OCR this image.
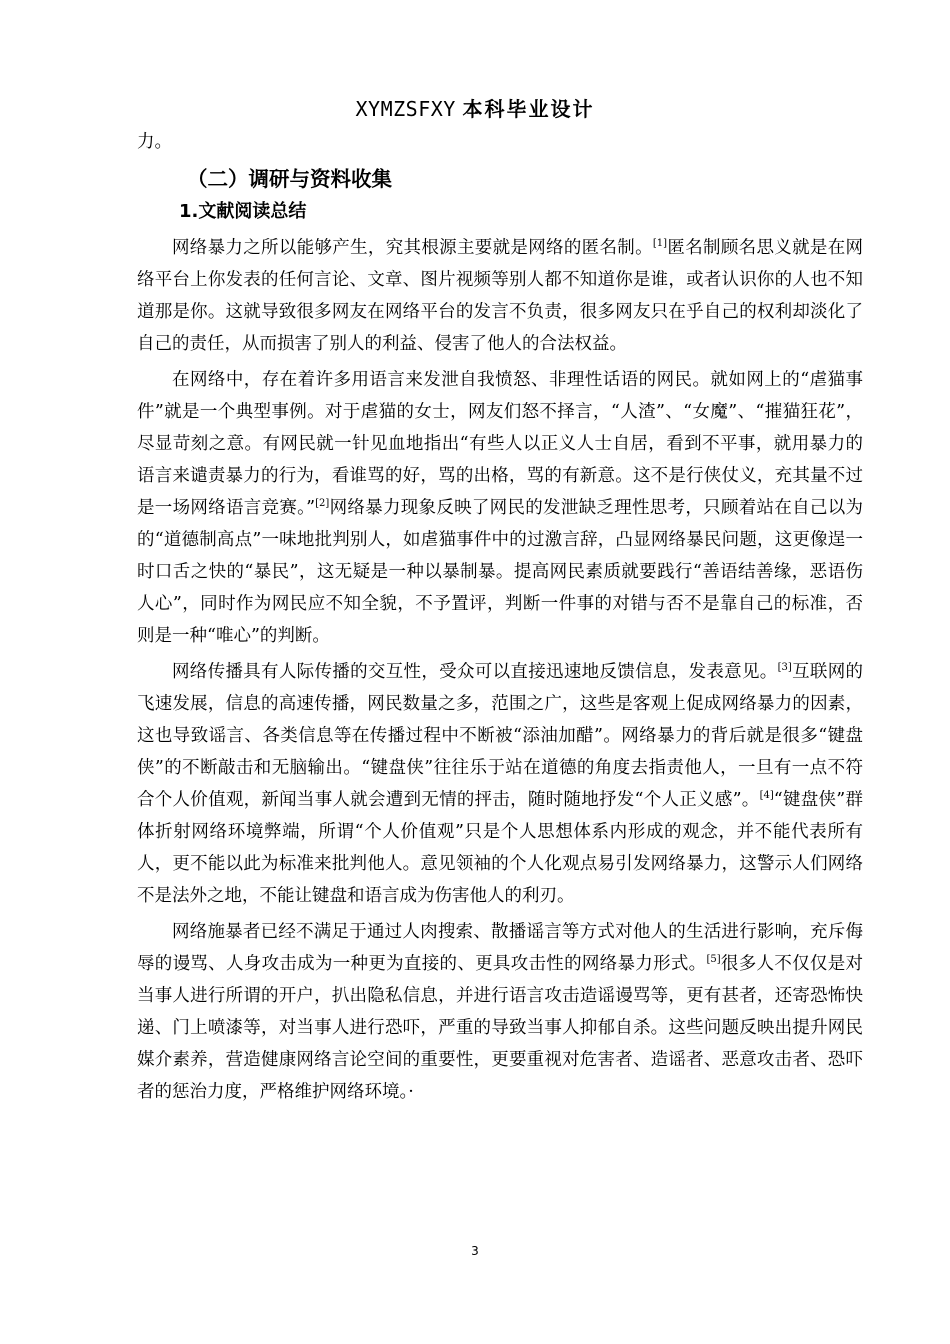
XYMZSFXY 本科毕业设计

力。

（二）调研与资料收集
1.文献阅读总结

网络暴力之所以能够产生，究其根源主要就是网络的匿名制。[1]匿名制顾名思义就是在网络平台上你发表的任何言论、文章、图片视频等别人都不知道你是谁，或者认识你的人也不知道那是你。这就导致很多网友在网络平台的发言不负责，很多网友只在乎自己的权利却淡化了自己的责任，从而损害了别人的利益、侵害了他人的合法权益。

在网络中，存在着许多用语言来发泄自我愤怒、非理性话语的网民。就如网上的“虐猫事件”就是一个典型事例。对于虐猫的女士，网友们怒不择言，“人渣”、“女魔”、“摧猫狂花”，尽显苛刻之意。有网民就一针见血地指出“有些人以正义人士自居，看到不平事，就用暴力的语言来谴责暴力的行为，看谁骂的好，骂的出格，骂的有新意。这不是行侠仗义，充其量不过是一场网络语言竞赛。”[2]网络暴力现象反映了网民的发泄缺乏理性思考，只顾着站在自己以为的“道德制高点”一味地批判别人，如虐猫事件中的过激言辞，凸显网络暴民问题，这更像逞一时口舌之快的“暴民”，这无疑是一种以暴制暴。提高网民素质就要践行“善语结善缘，恶语伤人心”，同时作为网民应不知全貌，不予置评，判断一件事的对错与否不是靠自己的标准，否则是一种“唯心”的判断。

网络传播具有人际传播的交互性，受众可以直接迅速地反馈信息，发表意见。[3]互联网的飞速发展，信息的高速传播，网民数量之多，范围之广，这些是客观上促成网络暴力的因素，这也导致谣言、各类信息等在传播过程中不断被“添油加醋”。网络暴力的背后就是很多“键盘侠”的不断敲击和无脑输出。“键盘侠”往往乐于站在道德的角度去指责他人，一旦有一点不符合个人价值观，新闻当事人就会遭到无情的抨击，随时随地抒发“个人正义感”。[4]“键盘侠”群体折射网络环境弊端，所谓“个人价值观”只是个人思想体系内形成的观念，并不能代表所有人，更不能以此为标准来批判他人。意见领袖的个人化观点易引发网络暴力，这警示人们网络不是法外之地，不能让键盘和语言成为伤害他人的利刃。

网络施暴者已经不满足于通过人肉搜索、散播谣言等方式对他人的生活进行影响，充斥侮辱的谩骂、人身攻击成为一种更为直接的、更具攻击性的网络暴力形式。[5]很多人不仅仅是对当事人进行所谓的开户，扒出隐私信息，并进行语言攻击造谣谩骂等，更有甚者，还寄恐怖快递、门上喷漆等，对当事人进行恐吓，严重的导致当事人抑郁自杀。这些问题反映出提升网民媒介素养，营造健康网络言论空间的重要性，更要重视对危害者、造谣者、恶意攻击者、恐吓者的惩治力度，严格维护网络环境。·

3
